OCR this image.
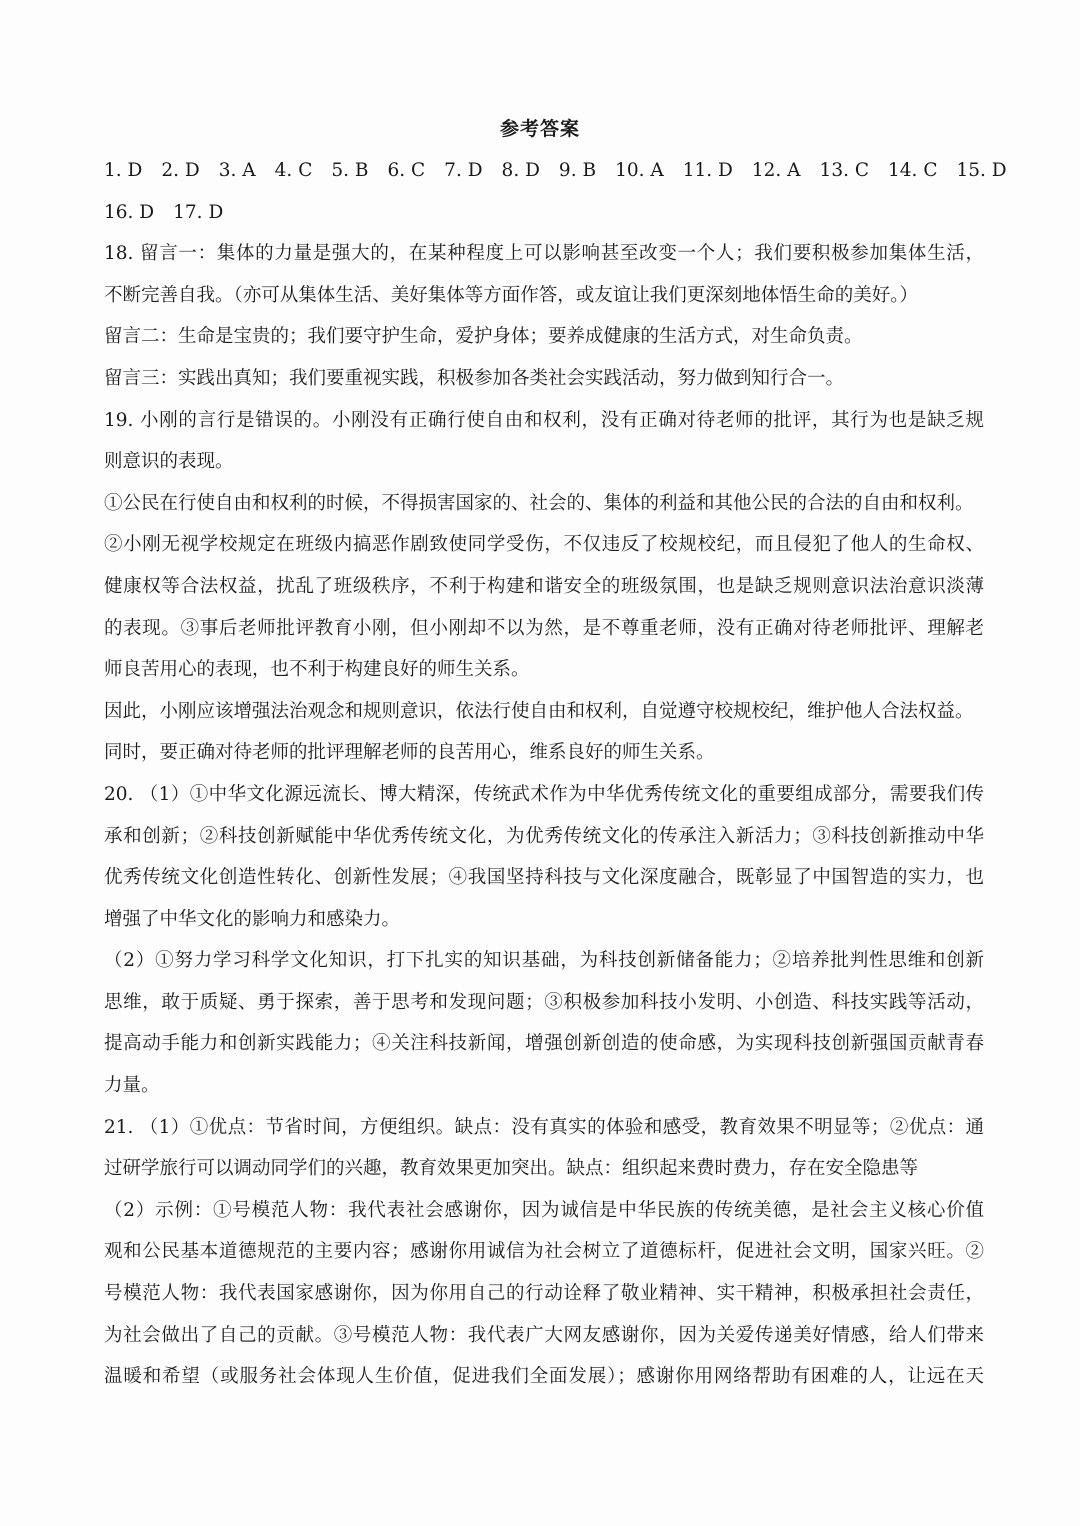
参考答案
1. D 2. D 3. A 4. C 5. B 6. C 7. D 8. D 9. B 10. A 11. D 12. A 13. C 14. C 15. D
16. D 17. D
18. 留言一：集体的力量是强大的，在某种程度上可以影响甚至改变一个人；我们要积极参加集体生活，
不断完善自我。（亦可从集体生活、美好集体等方面作答，或友谊让我们更深刻地体悟生命的美好。）
留言二：生命是宝贵的；我们要守护生命，爱护身体；要养成健康的生活方式，对生命负责。
留言三：实践出真知；我们要重视实践，积极参加各类社会实践活动，努力做到知行合一。
19. 小刚的言行是错误的。小刚没有正确行使自由和权利，没有正确对待老师的批评，其行为也是缺乏规
则意识的表现。
①公民在行使自由和权利的时候，不得损害国家的、社会的、集体的利益和其他公民的合法的自由和权利。
②小刚无视学校规定在班级内搞恶作剧致使同学受伤，不仅违反了校规校纪，而且侵犯了他人的生命权、
健康权等合法权益，扰乱了班级秩序，不利于构建和谐安全的班级氛围，也是缺乏规则意识法治意识淡薄
的表现。③事后老师批评教育小刚，但小刚却不以为然，是不尊重老师，没有正确对待老师批评、理解老
师良苦用心的表现，也不利于构建良好的师生关系。
因此，小刚应该增强法治观念和规则意识，依法行使自由和权利，自觉遵守校规校纪，维护他人合法权益。
同时，要正确对待老师的批评理解老师的良苦用心，维系良好的师生关系。
20. （1）①中华文化源远流长、博大精深，传统武术作为中华优秀传统文化的重要组成部分，需要我们传
承和创新；②科技创新赋能中华优秀传统文化，为优秀传统文化的传承注入新活力；③科技创新推动中华
优秀传统文化创造性转化、创新性发展；④我国坚持科技与文化深度融合，既彰显了中国智造的实力，也
增强了中华文化的影响力和感染力。
（2）①努力学习科学文化知识，打下扎实的知识基础，为科技创新储备能力；②培养批判性思维和创新
思维，敢于质疑、勇于探索，善于思考和发现问题；③积极参加科技小发明、小创造、科技实践等活动，
提高动手能力和创新实践能力；④关注科技新闻，增强创新创造的使命感，为实现科技创新强国贡献青春
力量。
21. （1）①优点：节省时间，方便组织。缺点：没有真实的体验和感受，教育效果不明显等；②优点：通
过研学旅行可以调动同学们的兴趣，教育效果更加突出。缺点：组织起来费时费力，存在安全隐患等
（2）示例：①号模范人物：我代表社会感谢你，因为诚信是中华民族的传统美德，是社会主义核心价值
观和公民基本道德规范的主要内容；感谢你用诚信为社会树立了道德标杆，促进社会文明，国家兴旺。②
号模范人物：我代表国家感谢你，因为你用自己的行动诠释了敬业精神、实干精神，积极承担社会责任，
为社会做出了自己的贡献。③号模范人物：我代表广大网友感谢你，因为关爱传递美好情感，给人们带来
温暖和希望（或服务社会体现人生价值，促进我们全面发展）；感谢你用网络帮助有困难的人，让远在天
